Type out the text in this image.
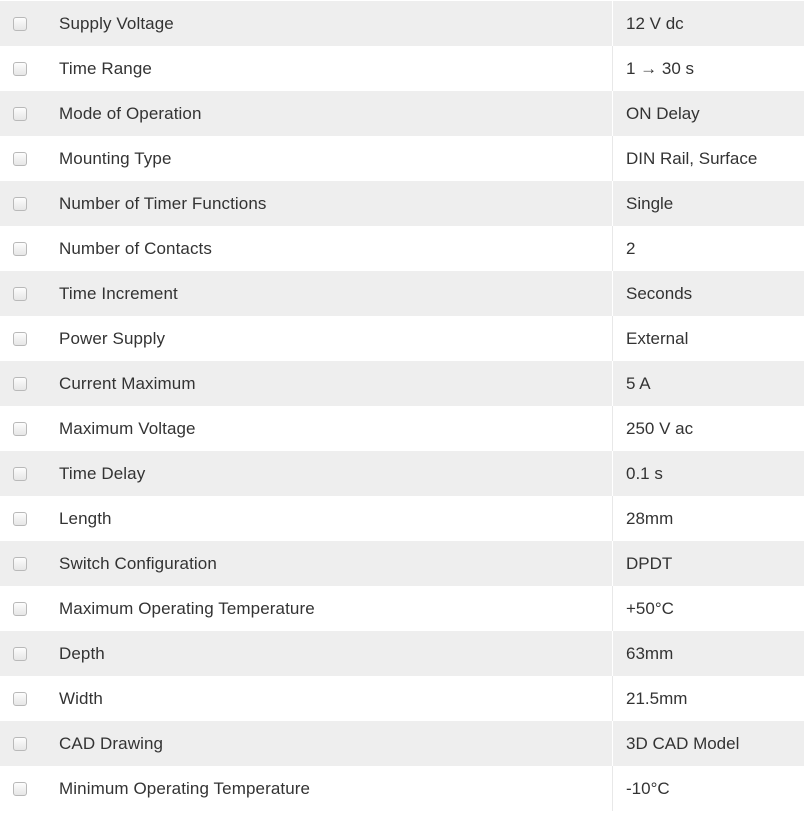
Supply Voltage	12 V dc
Time Range	1 → 30 s
Mode of Operation	ON Delay
Mounting Type	DIN Rail, Surface
Number of Timer Functions	Single
Number of Contacts	2
Time Increment	Seconds
Power Supply	External
Current Maximum	5 A
Maximum Voltage	250 V ac
Time Delay	0.1 s
Length	28mm
Switch Configuration	DPDT
Maximum Operating Temperature	+50°C
Depth	63mm
Width	21.5mm
CAD Drawing	3D CAD Model
Minimum Operating Temperature	-10°C
